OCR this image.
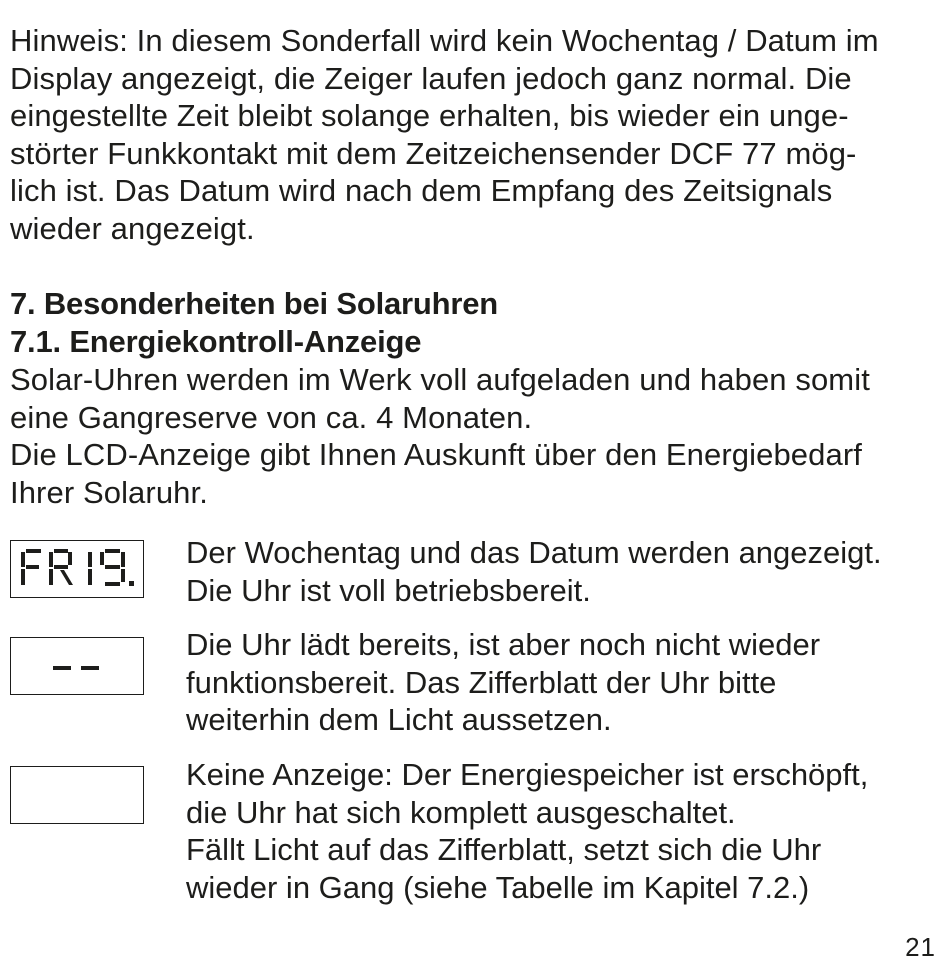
Hinweis: In diesem Sonderfall wird kein Wochentag / Datum im
Display angezeigt, die Zeiger laufen jedoch ganz normal. Die
eingestellte Zeit bleibt solange erhalten, bis wieder ein unge-
störter Funkkontakt mit dem Zeitzeichensender DCF 77 mög-
lich ist. Das Datum wird nach dem Empfang des Zeitsignals
wieder angezeigt.

7. Besonderheiten bei Solaruhren
7.1. Energiekontroll-Anzeige

Solar-Uhren werden im Werk voll aufgeladen und haben somit
eine Gangreserve von ca. 4 Monaten.
Die LCD-Anzeige gibt Ihnen Auskunft über den Energiebedarf
Ihrer Solaruhr.

Der Wochentag und das Datum werden angezeigt.
Die Uhr ist voll betriebsbereit.
Die Uhr lädt bereits, ist aber noch nicht wieder
funktionsbereit. Das Zifferblatt der Uhr bitte
weiterhin dem Licht aussetzen.
Keine Anzeige: Der Energiespeicher ist erschöpft,
die Uhr hat sich komplett ausgeschaltet.
Fällt Licht auf das Zifferblatt, setzt sich die Uhr
wieder in Gang (siehe Tabelle im Kapitel 7.2.)
21
